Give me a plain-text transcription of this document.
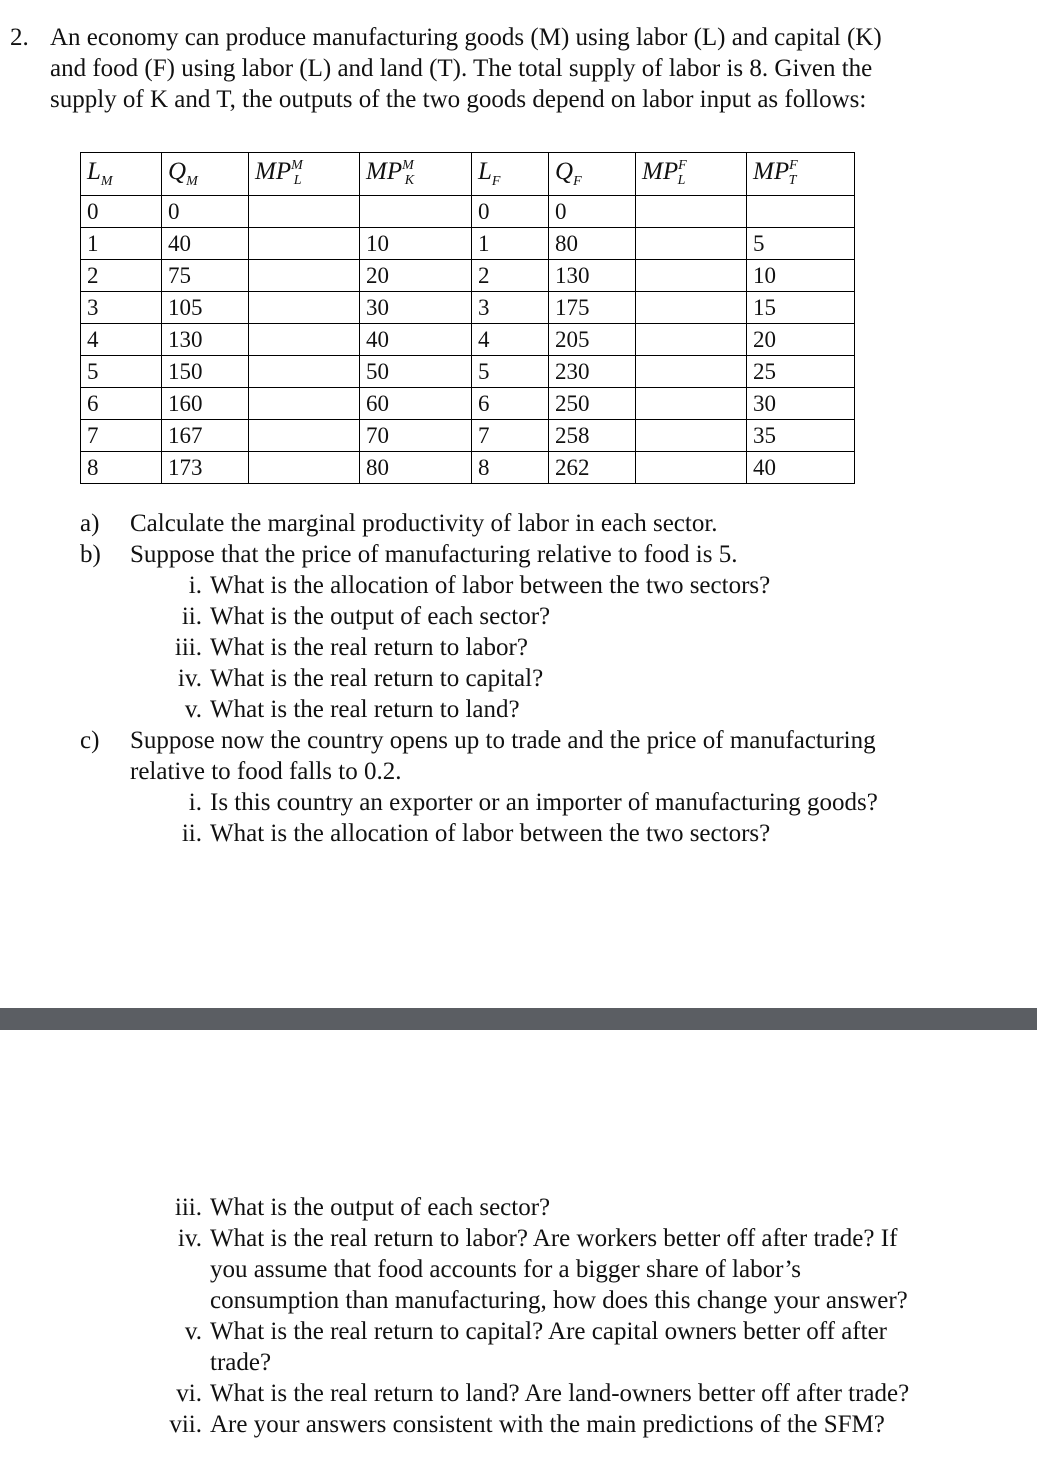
2. An economy can produce manufacturing goods (M) using labor (L) and capital (K)
and food (F) using labor (L) and land (T). The total supply of labor is 8. Given the
supply of K and T, the outputs of the two goods depend on labor input as follows:
$L_M$	$Q_M$	$MP^M_L$	$MP^M_K$	$L_F$	$Q_F$	$MP^F_L$	$MP^F_T$
0	0			0	0		
1	40		10	1	80		5
2	75		20	2	130		10
3	105		30	3	175		15
4	130		40	4	205		20
5	150		50	5	230		25
6	160		60	6	250		30
7	167		70	7	258		35
8	173		80	8	262		40
a) Calculate the marginal productivity of labor in each sector.
b) Suppose that the price of manufacturing relative to food is 5.
i. What is the allocation of labor between the two sectors?
ii. What is the output of each sector?
iii. What is the real return to labor?
iv. What is the real return to capital?
v. What is the real return to land?
c) Suppose now the country opens up to trade and the price of manufacturing
relative to food falls to 0.2.
i. Is this country an exporter or an importer of manufacturing goods?
ii. What is the allocation of labor between the two sectors?
iii. What is the output of each sector?
iv. What is the real return to labor? Are workers better off after trade? If
you assume that food accounts for a bigger share of labor’s
consumption than manufacturing, how does this change your answer?
v. What is the real return to capital? Are capital owners better off after
trade?
vi. What is the real return to land? Are land-owners better off after trade?
vii. Are your answers consistent with the main predictions of the SFM?
